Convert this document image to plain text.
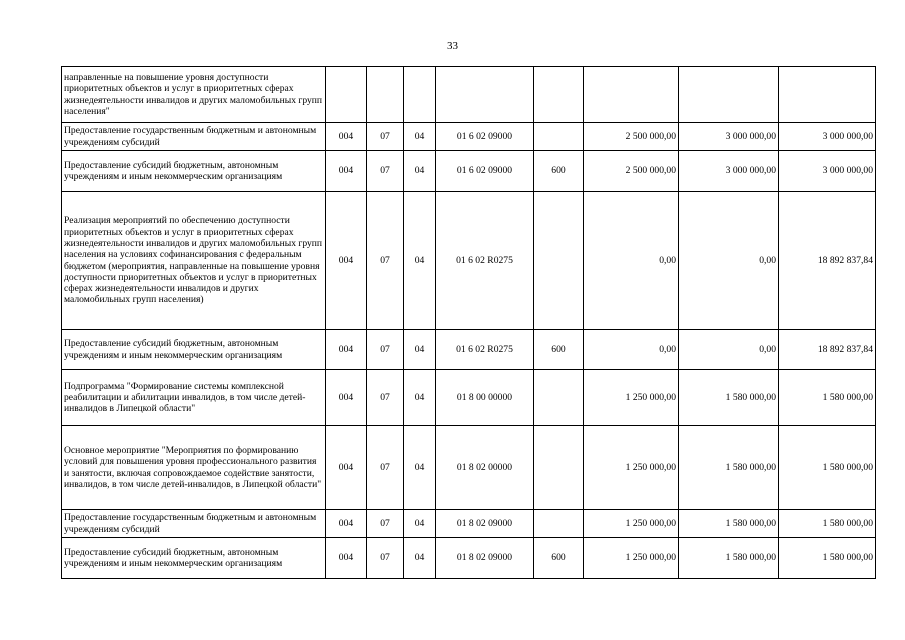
33
направленные на повышение уровня доступности приоритетных объектов и услуг в приоритетных сферах жизнедеятельности инвалидов и других маломобильных групп населения"								
Предоставление государственным бюджетным и автономным учреждениям субсидий	004	07	04	01 6 02 09000		2 500 000,00	3 000 000,00	3 000 000,00
Предоставление субсидий бюджетным, автономным учреждениям и иным некоммерческим организациям	004	07	04	01 6 02 09000	600	2 500 000,00	3 000 000,00	3 000 000,00
Реализация мероприятий по обеспечению доступности приоритетных объектов и услуг в приоритетных сферах жизнедеятельности инвалидов и других маломобильных групп населения на условиях софинансирования с федеральным бюджетом (мероприятия, направленные на повышение уровня доступности приоритетных объектов и услуг в приоритетных сферах жизнедеятельности инвалидов и других маломобильных групп населения)	004	07	04	01 6 02 R0275		0,00	0,00	18 892 837,84
Предоставление субсидий бюджетным, автономным учреждениям и иным некоммерческим организациям	004	07	04	01 6 02 R0275	600	0,00	0,00	18 892 837,84
Подпрограмма "Формирование системы комплексной реабилитации и абилитации инвалидов, в том числе детей-инвалидов в Липецкой области"	004	07	04	01 8 00 00000		1 250 000,00	1 580 000,00	1 580 000,00
Основное мероприятие "Мероприятия по формированию условий для повышения уровня профессионального развития и занятости, включая сопровождаемое содействие занятости, инвалидов, в том числе детей-инвалидов, в Липецкой области"	004	07	04	01 8 02 00000		1 250 000,00	1 580 000,00	1 580 000,00
Предоставление государственным бюджетным и автономным учреждениям субсидий	004	07	04	01 8 02 09000		1 250 000,00	1 580 000,00	1 580 000,00
Предоставление субсидий бюджетным, автономным учреждениям и иным некоммерческим организациям	004	07	04	01 8 02 09000	600	1 250 000,00	1 580 000,00	1 580 000,00
